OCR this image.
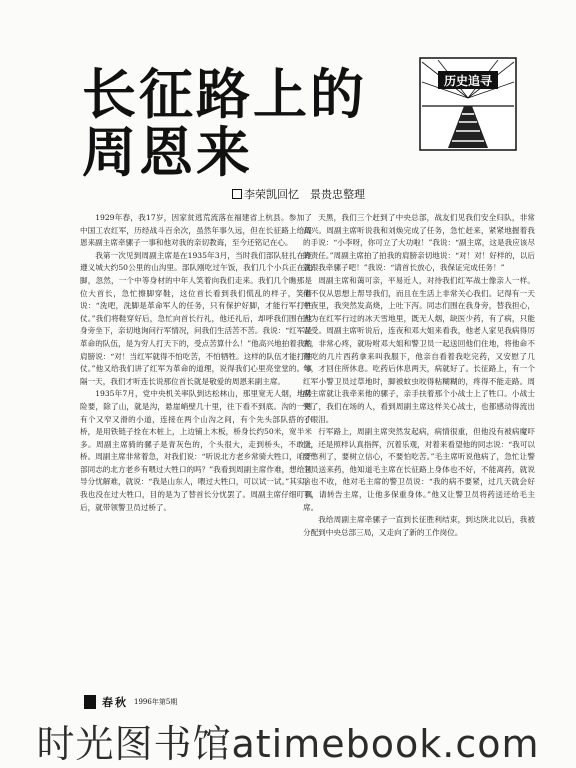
长征路上的
周恩来
历史追寻
李荣凯回忆　景贵忠整理

1929年春，我17岁，因家贫逃荒流落在福建省上杭县。参加了中国工农红军，历经战斗百余次，虽然年事久远，但在长征路上给周恩来副主席牵骡子一事和他对我的亲切教诲，至今还铭记在心。

我第一次见到周副主席是在1935年3月，当时我们部队驻扎在距遵义城大约50公里的山沟里。部队刚吃过午饭，我们几个小兵正在洗脚，忽然，一个中等身材的中年人笑着向我们走来。我们几个瞧那是位大首长，急忙擦脚穿鞋，这位首长看到我们慌乱的样子，笑着说：“洗吧，洗脚是革命军人的任务，只有保护好脚，才能行军打胜仗。”我们将鞋穿好后，急忙向首长行礼，他还礼后，却呼我们围在他身旁坐下，亲切地询问行军情况，问我们生活苦不苦。我说：“红军是革命的队伍，是为穷人打天下的，受点苦算什么！”他高兴地拍着我的肩膀说：“对！当红军就得不怕吃苦，不怕牺牲。这样的队伍才能打胜仗。”他又给我们讲了红军为革命的道理，说得我们心里亮堂堂的。事隔一天，我们才听连长说那位首长就是敬爱的周恩来副主席。

1935年7月，党中央机关率队到达松林山，那里宽无人烟，地势险要，除了山，就是沟，悬崖峭壁几十里，往下看不到底。沟的一侧有个又窄又滑的小道，连接在两个山沟之间，有个先头部队搭的小桥，是用铁链子拴在木桩上，上边铺上木板，桥身长约50米，宽半米多。周副主席骑的骡子是青灰色的，个头很大，走到桥头，不敢上桥。周副主席非常着急，对我们说：“听说北方老乡常骑大牲口，咱干部同志的北方老乡有喂过大牲口的吗？”我看到周副主席作难，想给领导分忧解难，就说：“我是山东人，喂过大牲口，可以试一试。”其实，我也没在过大牲口，目的是为了替首长分忧罢了。周副主席仔细叮嘱后，就带领警卫员过桥了。

天黑，我们三个赶到了中央总部，战友们见我们安全归队，非常高兴。周副主席听说我和刘焕完成了任务，急忙赶来，紧紧地握着我的手说：“小李呀，你可立了大功啦！”我说：“副主席，这是我应该尽的责任。”周副主席拍了拍我的肩膀亲切地说：“对！对！好样的，以后就跟我牵骡子吧！”我说：“请首长放心，我保证完成任务！”

周副主席和蔼可亲，平易近人，对待我们红军战士像亲人一样。他不仅从思想上帮导我们，而且在生活上非常关心我们。记得有一天中夜里，我突然发高烧，上吐下泻。同志们围在我身旁，替我担心，因为在红军行过的冰天雪地里，既无人烟，缺医少药，有了病，只能忍受。周副主席听说后，连夜和邓大姐来看我，他老人家见我病得厉害，非常心疼，就吩咐邓大姐和警卫员一起送回他们住地，将他命不得吃的几片西药拿来叫我服下，他亲自看着我吃完药，又安慰了几句，才回住所休息。吃药后休息两天，病就好了。长征路上，有一个红军小警卫员过草地时，脚被蚊虫咬得粘糊糊的，疼得不能走路。周副主席就让我牵来他的骡子，亲手扶着那个小战士上了牲口。小战士哭了，我们在场的人，看到周副主席这样关心战士，也都感动得流出了眼泪。

行军路上，周副主席突然发起病，病情很重，但他没有被病魔吓倒，还是照样认真指挥，沉着乐观，对着来看望他的同志说：“我可以要憋利了，要树立信心，不要怕吃苦。”毛主席听说他病了，急忙让警卫员送来药，他知道毛主席在长征路上身体也不好，不能离药，就说啥也不收，他对毛主席的警卫员说：“我的病不要紧，过几天就会好了，请转告主席，让他多保重身体。”他又让警卫员将药送还给毛主席。

我给周副主席牵骡子一直到长征胜利结束，到达陕北以后，我被分配到中央总部三局，又走向了新的工作岗位。

春秋 1996年第5期
时光图书馆atimebook.com
